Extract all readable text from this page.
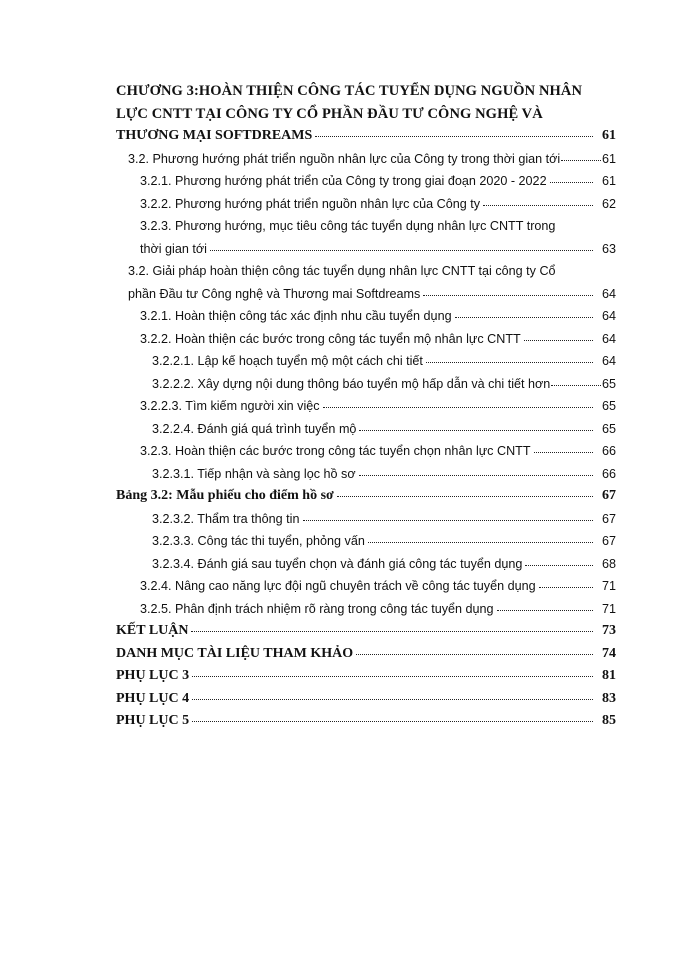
CHƯƠNG 3:HOÀN THIỆN CÔNG TÁC TUYỂN DỤNG NGUỒN NHÂN
LỰC CNTT TẠI CÔNG TY CỔ PHẦN ĐẦU TƯ CÔNG NGHỆ VÀ
THƯƠNG MẠI SOFTDREAMS	61
3.2. Phương hướng phát triển nguồn nhân lực của Công ty trong thời gian tới	61
3.2.1. Phương hướng phát triển của Công ty trong giai đoạn 2020 - 2022	61
3.2.2. Phương hướng phát triển nguồn nhân lực của Công ty	62
3.2.3. Phương hướng, mục tiêu công tác tuyển dụng nhân lực CNTT trong
thời gian tới	63
3.2. Giải pháp hoàn thiện công tác tuyển dụng nhân lực CNTT tại công ty Cổ
phần Đầu tư Công nghệ và Thương mai Softdreams	64
3.2.1. Hoàn thiện công tác xác định nhu cầu tuyển dụng	64
3.2.2. Hoàn thiện các bước trong công tác tuyển mộ nhân lực CNTT	64
3.2.2.1. Lập kế hoạch tuyển mộ một cách chi tiết	64
3.2.2.2. Xây dựng nội dung thông báo tuyển mộ hấp dẫn và chi tiết hơn	65
3.2.2.3. Tìm kiếm người xin việc	65
3.2.2.4. Đánh giá quá trình tuyển mộ	65
3.2.3. Hoàn thiện các bước trong công tác tuyển chọn nhân lực CNTT	66
3.2.3.1. Tiếp nhận và sàng lọc hồ sơ	66
Bảng 3.2: Mẫu phiếu cho điểm hồ sơ	67
3.2.3.2. Thẩm tra thông tin	67
3.2.3.3. Công tác thi tuyển, phỏng vấn	67
3.2.3.4. Đánh giá sau tuyển chọn và đánh giá công tác tuyển dụng	68
3.2.4. Nâng cao năng lực đội ngũ chuyên trách về công tác tuyển dụng	71
3.2.5. Phân định trách nhiệm rõ ràng trong công tác tuyển dụng	71
KẾT LUẬN	73
DANH MỤC TÀI LIỆU THAM KHẢO	74
PHỤ LỤC 3	81
PHỤ LỤC 4	83
PHỤ LỤC 5	85
